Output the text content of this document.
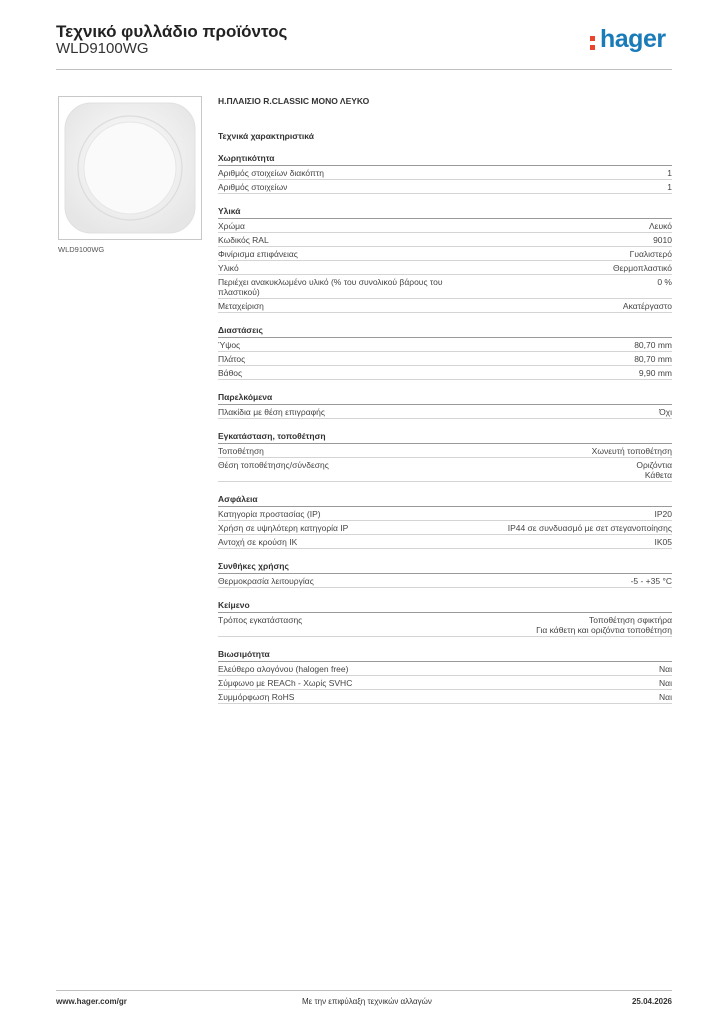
Τεχνικό φυλλάδιο προϊόντος
WLD9100WG	hager
WLD9100WG
Η.ΠΛΑΙΣΙΟ R.CLASSIC ΜΟΝΟ ΛΕΥΚΟ
Τεχνικά χαρακτηριστικά
Χωρητικότητα
Αριθμός στοιχείων διακόπτη	1
Αριθμός στοιχείων	1
Υλικά
Χρώμα	Λευκό
Κωδικός RAL	9010
Φινίρισμα επιφάνειας	Γυαλιστερό
Υλικό	Θερμοπλαστικό
Περιέχει ανακυκλωμένο υλικό (% του συνολικού βάρους του πλαστικού)
0 %
Μεταχείριση	Ακατέργαστο
Διαστάσεις
Ύψος	80,70 mm
Πλάτος	80,70 mm
Βάθος	9,90 mm
Παρελκόμενα
Πλακίδια με θέση επιγραφής	Όχι
Εγκατάσταση, τοποθέτηση
Τοποθέτηση	Χωνευτή τοποθέτηση
Θέση τοποθέτησης/σύνδεσης	Οριζόντια
Κάθετα
Ασφάλεια
Κατηγορία προστασίας (IP)	IP20
Χρήση σε υψηλότερη κατηγορία IP	IP44 σε συνδυασμό με σετ στεγανοποίησης
Αντοχή σε κρούση IK	IK05
Συνθήκες χρήσης
Θερμοκρασία λειτουργίας	-5 - +35 °C
Κείμενο
Τρόπος εγκατάστασης	Τοποθέτηση σφικτήρα
Για κάθετη και οριζόντια τοποθέτηση
Βιωσιμότητα
Ελεύθερο αλογόνου (halogen free)	Ναι
Σύμφωνο με REACh - Χωρίς SVHC	Ναι
Συμμόρφωση RoHS	Ναι
www.hager.com/gr	Με την επιφύλαξη τεχνικών αλλαγών	25.04.2026
